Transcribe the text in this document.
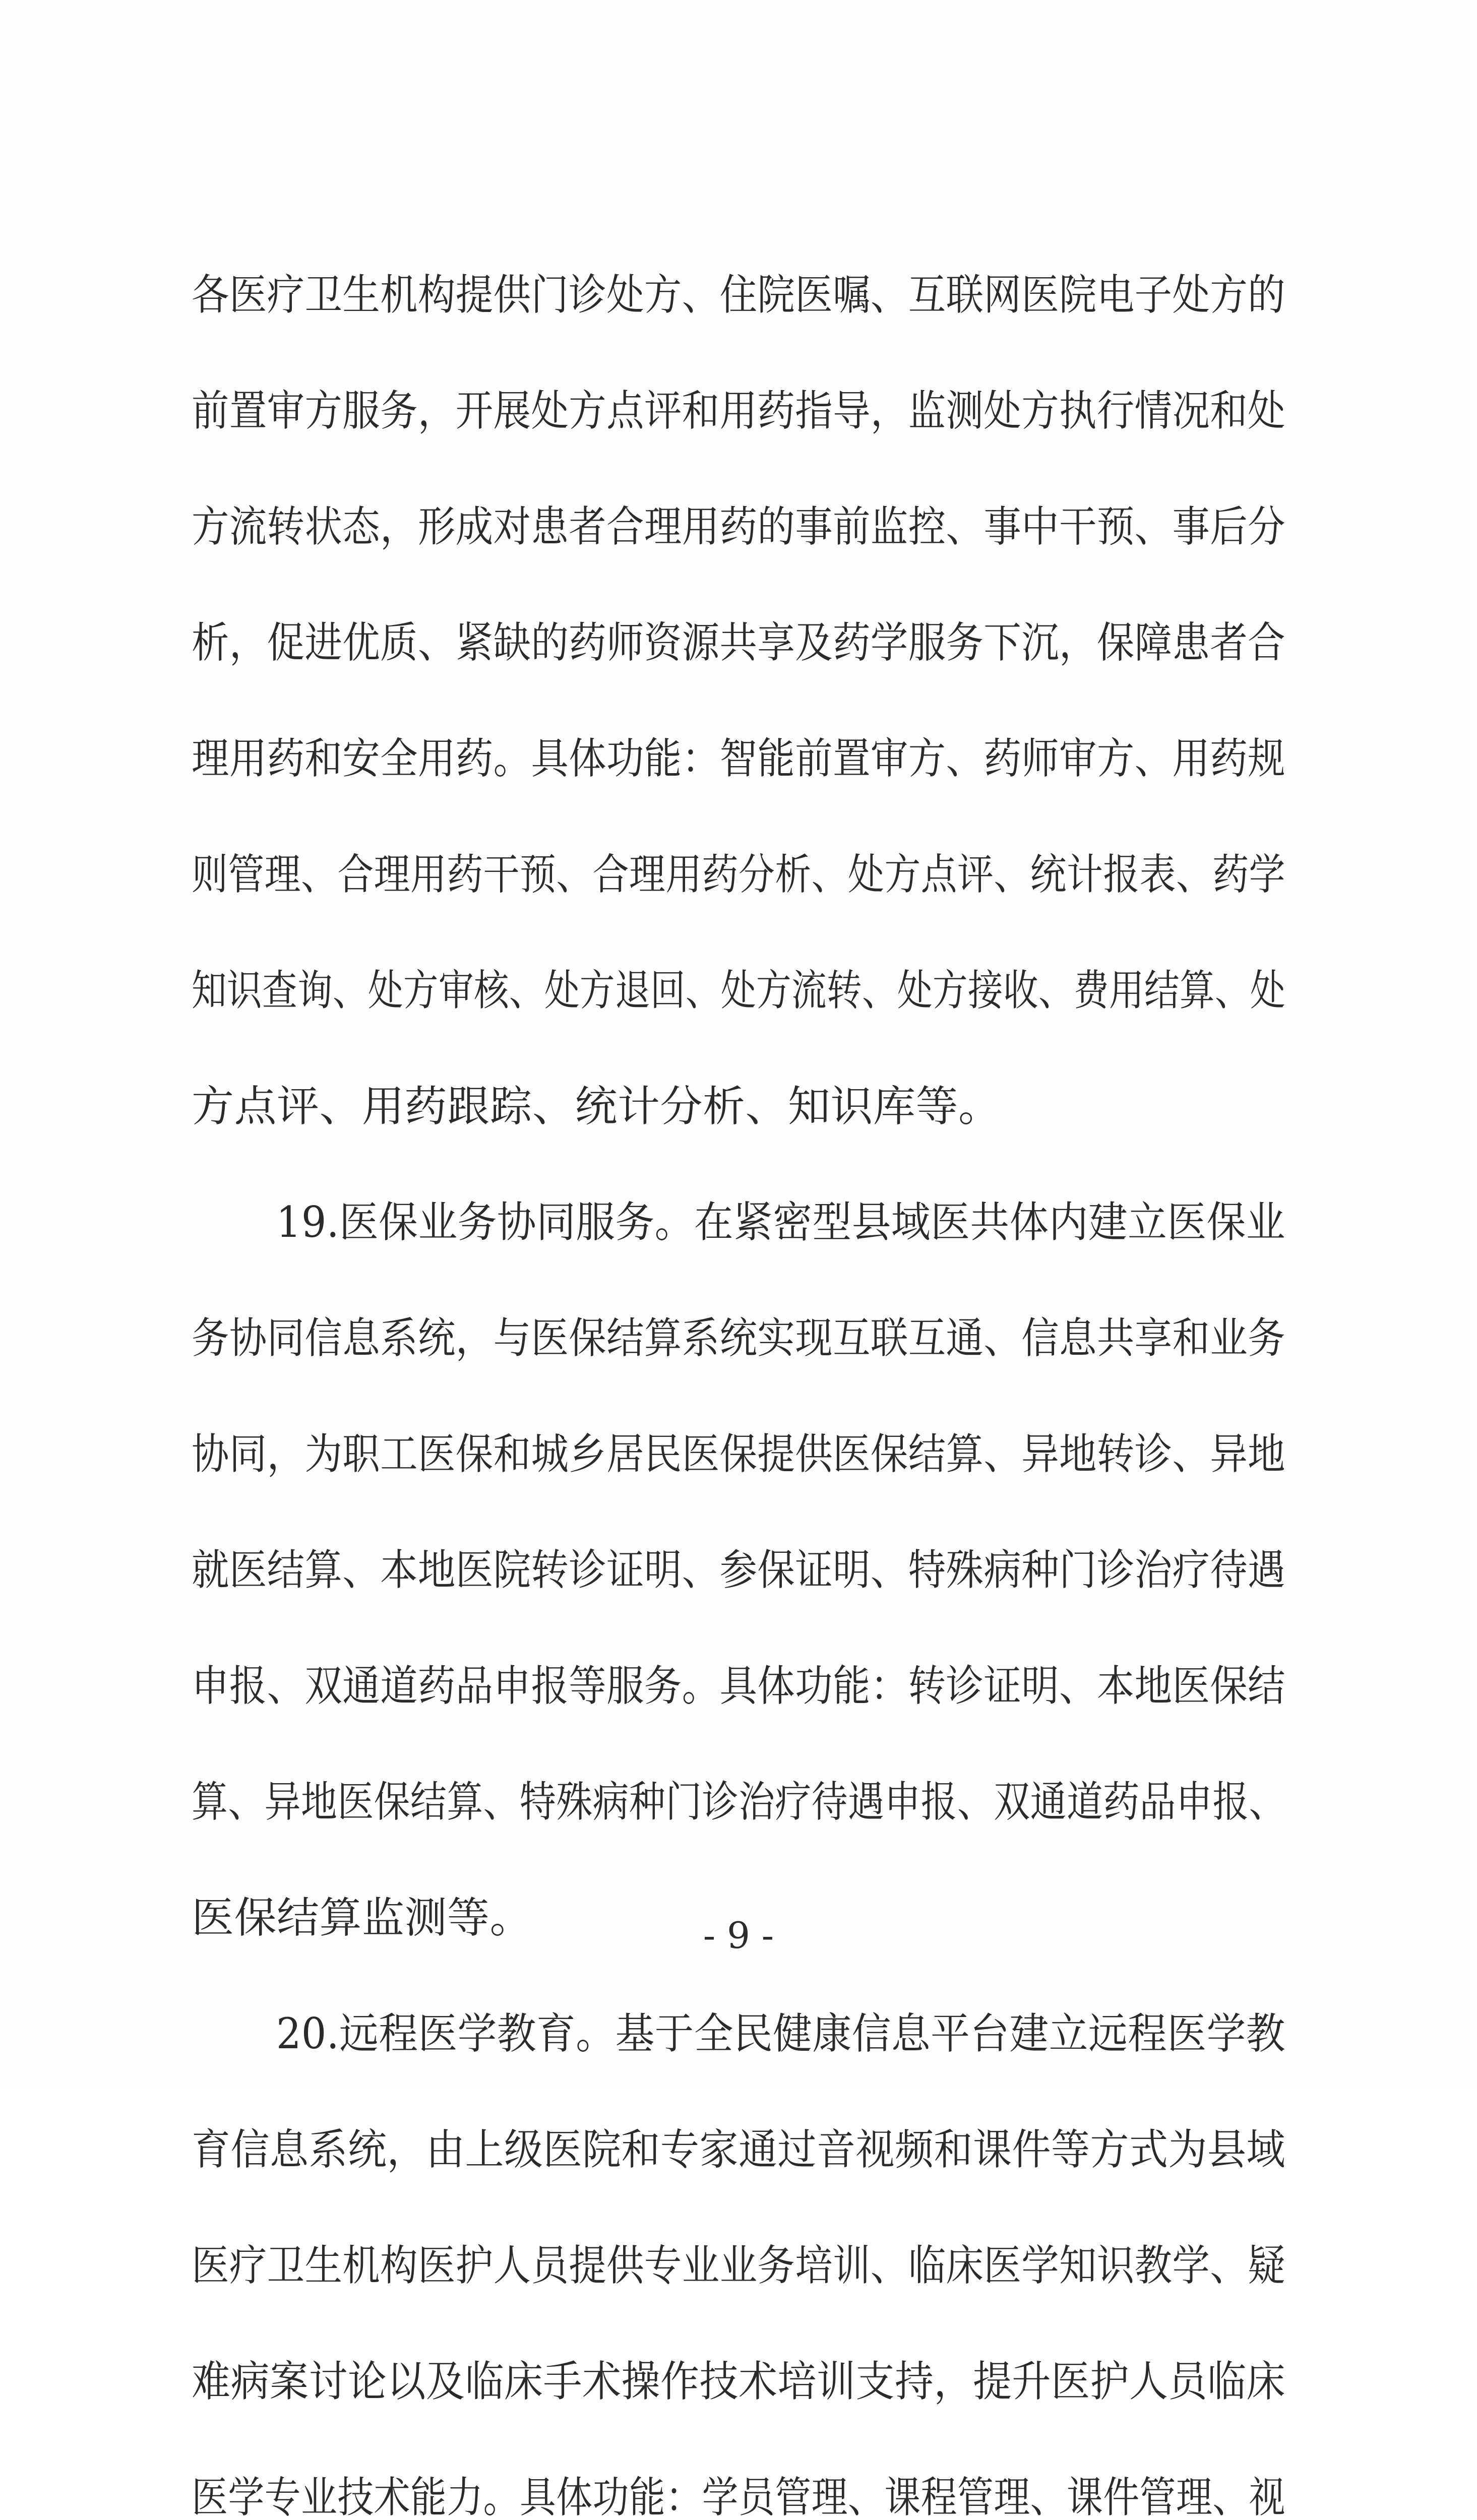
各医疗卫生机构提供门诊处方、住院医嘱、互联网医院电子处方的
前置审方服务，开展处方点评和用药指导，监测处方执行情况和处
方流转状态，形成对患者合理用药的事前监控、事中干预、事后分
析，促进优质、紧缺的药师资源共享及药学服务下沉，保障患者合
理用药和安全用药。具体功能：智能前置审方、药师审方、用药规
则管理、合理用药干预、合理用药分析、处方点评、统计报表、药学
知识查询、处方审核、处方退回、处方流转、处方接收、费用结算、处
方点评、用药跟踪、统计分析、知识库等。
19.医保业务协同服务。在紧密型县域医共体内建立医保业
务协同信息系统，与医保结算系统实现互联互通、信息共享和业务
协同，为职工医保和城乡居民医保提供医保结算、异地转诊、异地
就医结算、本地医院转诊证明、参保证明、特殊病种门诊治疗待遇
申报、双通道药品申报等服务。具体功能：转诊证明、本地医保结
算、异地医保结算、特殊病种门诊治疗待遇申报、双通道药品申报、
医保结算监测等。
20.远程医学教育。基于全民健康信息平台建立远程医学教
育信息系统，由上级医院和专家通过音视频和课件等方式为县域
医疗卫生机构医护人员提供专业业务培训、临床医学知识教学、疑
难病案讨论以及临床手术操作技术培训支持，提升医护人员临床
医学专业技术能力。具体功能：学员管理、课程管理、课件管理、视
- 9 -
